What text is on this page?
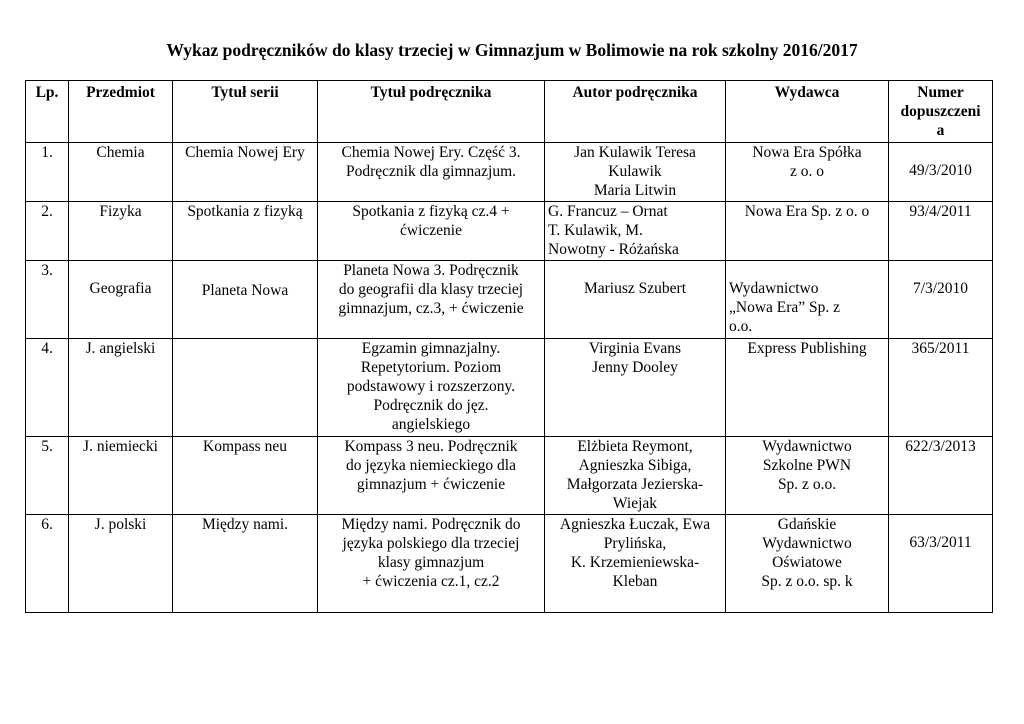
Wykaz podręczników do klasy trzeciej w Gimnazjum w Bolimowie na rok szkolny 2016/2017
Lp.	Przedmiot	Tytuł serii	Tytuł podręcznika	Autor podręcznika	Wydawca	Numer
dopuszczeni
a

1.	Chemia	Chemia Nowej Ery	Chemia Nowej Ery. Część 3.
Podręcznik dla gimnazjum.	Jan Kulawik Teresa
Kulawik
Maria Litwin	Nowa Era Spółka
z o. o	49/3/2010
2.	Fizyka	Spotkania z fizyką	Spotkania z fizyką cz.4 +
ćwiczenie	G. Francuz – Ornat
T. Kulawik, M.
Nowotny - Różańska	Nowa Era Sp. z o. o	93/4/2011
3.	Geografia	Planeta Nowa	Planeta Nowa 3. Podręcznik
do geografii dla klasy trzeciej
gimnazjum, cz.3, + ćwiczenie	Mariusz Szubert	Wydawnictwo
„Nowa Era” Sp. z
o.o.	7/3/2010
4.	J. angielski		Egzamin gimnazjalny.
Repetytorium. Poziom
podstawowy i rozszerzony.
Podręcznik do jęz.
angielskiego	Virginia Evans
Jenny Dooley	Express Publishing	365/2011
5.	J. niemiecki	Kompass neu	Kompass 3 neu. Podręcznik
do języka niemieckiego dla
gimnazjum + ćwiczenie	Elżbieta Reymont,
Agnieszka Sibiga,
Małgorzata Jezierska-
Wiejak	Wydawnictwo
Szkolne PWN
Sp. z o.o.	622/3/2013
6.	J. polski	Między nami.	Między nami. Podręcznik do
języka polskiego dla trzeciej
klasy gimnazjum
+ ćwiczenia cz.1, cz.2	Agnieszka Łuczak, Ewa
Prylińska,
K. Krzemieniewska-
Kleban	Gdańskie
Wydawnictwo
Oświatowe
Sp. z o.o. sp. k	63/3/2011
